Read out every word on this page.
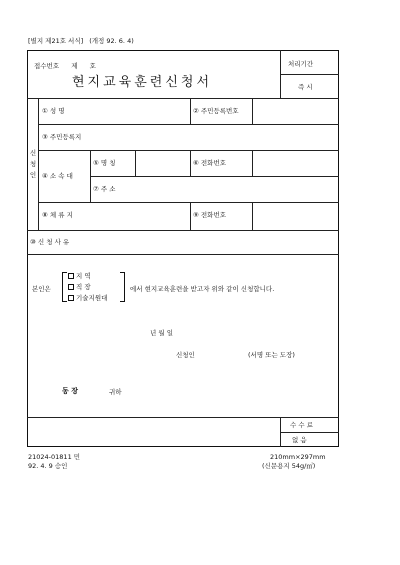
[별지 제21호 서식] (개정 92. 6. 4)
접수번호 제 호
현지교육훈련신청서
처리기간
즉 시
신
청
인
① 성 명	② 주민등록번호
③ 주민등록지
④ 소 속 대
⑤ 명 칭	⑥ 전화번호
⑦ 주 소
⑧ 체 류 지	⑨ 전화번호
⑩ 신 청 사 유
본인은
지 역
직 장
기술지원대
에서 현지교육훈련을 받고자 위와 같이 신청합니다.
년 월 일
신청인	(서명 또는 도장)
동 장	귀하
수 수 료
없 음
21024-01811 민
92. 4. 9 승인
210mm×297mm
(신문용지 54g/㎡)
